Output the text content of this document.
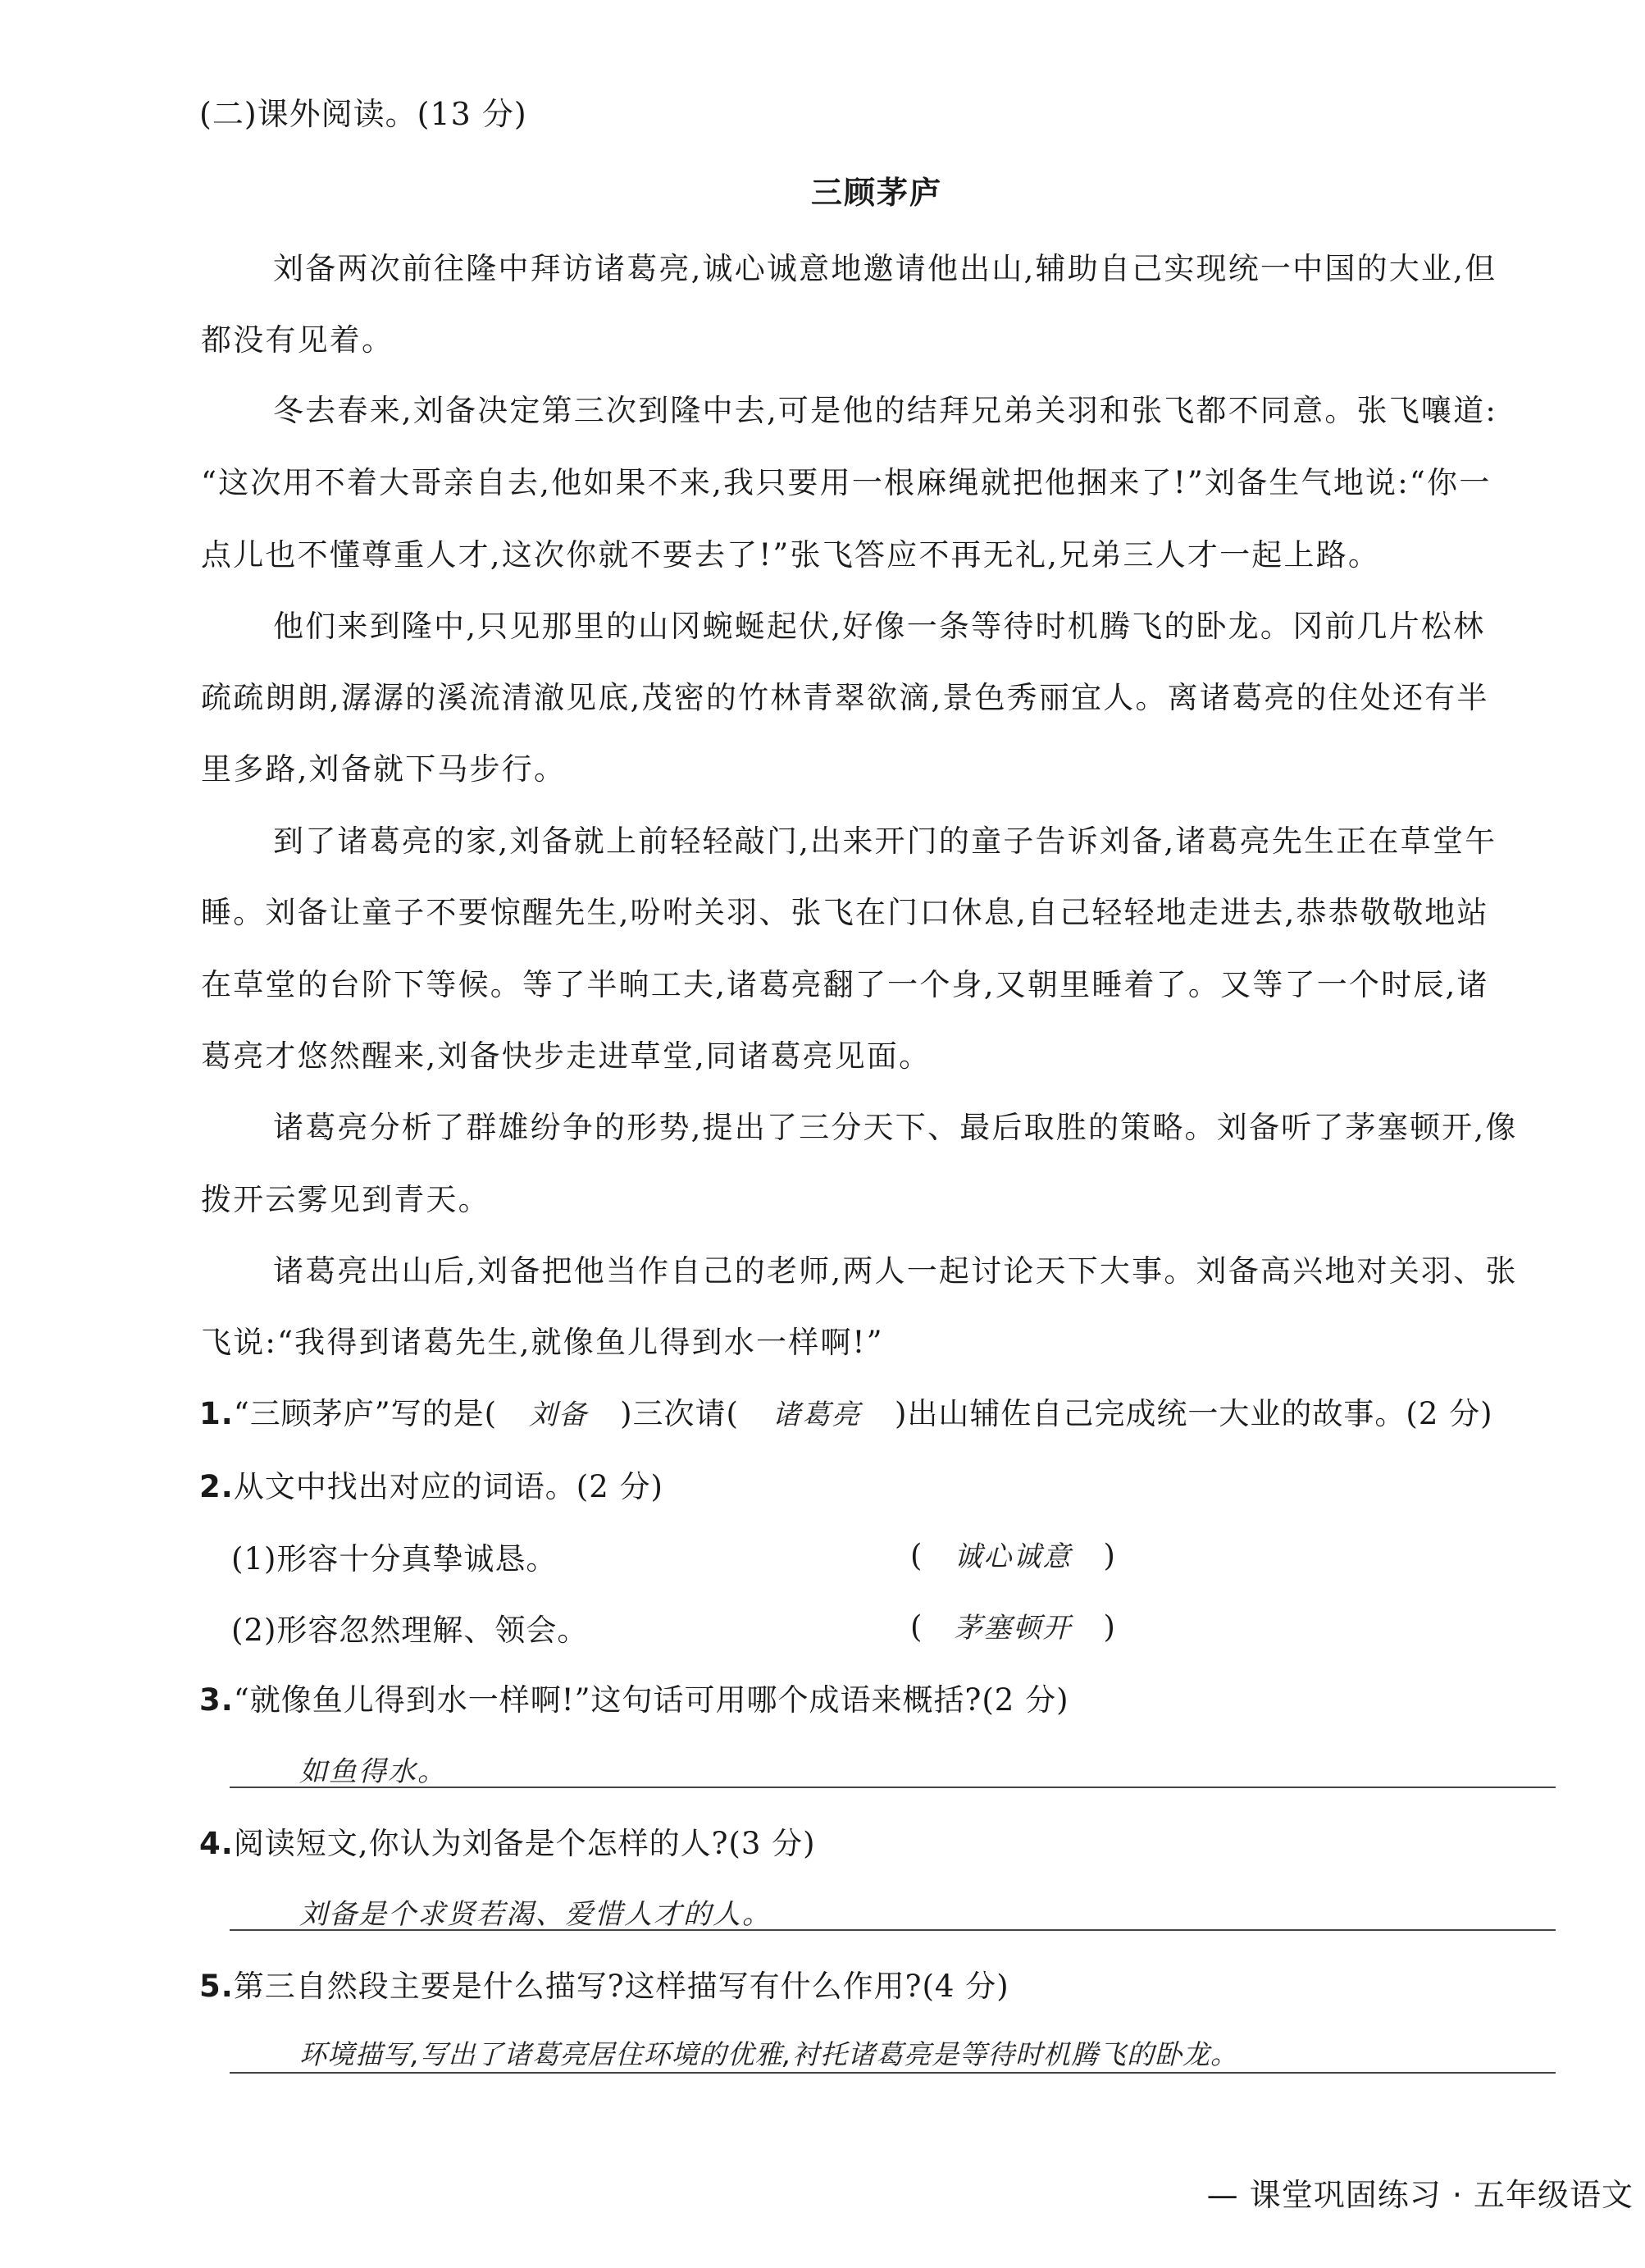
(二)课外阅读。(13 分)
三顾茅庐
刘备两次前往隆中拜访诸葛亮,诚心诚意地邀请他出山,辅助自己实现统一中国的大业,但
都没有见着。
冬去春来,刘备决定第三次到隆中去,可是他的结拜兄弟关羽和张飞都不同意。张飞嚷道:
“这次用不着大哥亲自去,他如果不来,我只要用一根麻绳就把他捆来了!”刘备生气地说:“你一
点儿也不懂尊重人才,这次你就不要去了!”张飞答应不再无礼,兄弟三人才一起上路。
他们来到隆中,只见那里的山冈蜿蜒起伏,好像一条等待时机腾飞的卧龙。冈前几片松林
疏疏朗朗,潺潺的溪流清澈见底,茂密的竹林青翠欲滴,景色秀丽宜人。离诸葛亮的住处还有半
里多路,刘备就下马步行。
到了诸葛亮的家,刘备就上前轻轻敲门,出来开门的童子告诉刘备,诸葛亮先生正在草堂午
睡。刘备让童子不要惊醒先生,吩咐关羽、张飞在门口休息,自己轻轻地走进去,恭恭敬敬地站
在草堂的台阶下等候。等了半晌工夫,诸葛亮翻了一个身,又朝里睡着了。又等了一个时辰,诸
葛亮才悠然醒来,刘备快步走进草堂,同诸葛亮见面。
诸葛亮分析了群雄纷争的形势,提出了三分天下、最后取胜的策略。刘备听了茅塞顿开,像
拨开云雾见到青天。
诸葛亮出山后,刘备把他当作自己的老师,两人一起讨论天下大事。刘备高兴地对关羽、张
飞说:“我得到诸葛先生,就像鱼儿得到水一样啊!”
1.“三顾茅庐”写的是( 刘备 )三次请( 诸葛亮 )出山辅佐自己完成统一大业的故事。(2 分)
2.从文中找出对应的词语。(2 分)
(1)形容十分真挚诚恳。	( 诚心诚意 )
(2)形容忽然理解、领会。	( 茅塞顿开 )
3.“就像鱼儿得到水一样啊!”这句话可用哪个成语来概括?(2 分)
如鱼得水。
4.阅读短文,你认为刘备是个怎样的人?(3 分)
刘备是个求贤若渴、爱惜人才的人。
5.第三自然段主要是什么描写?这样描写有什么作用?(4 分)
环境描写,写出了诸葛亮居住环境的优雅,衬托诸葛亮是等待时机腾飞的卧龙。
— 课堂巩固练习 · 五年级语文
